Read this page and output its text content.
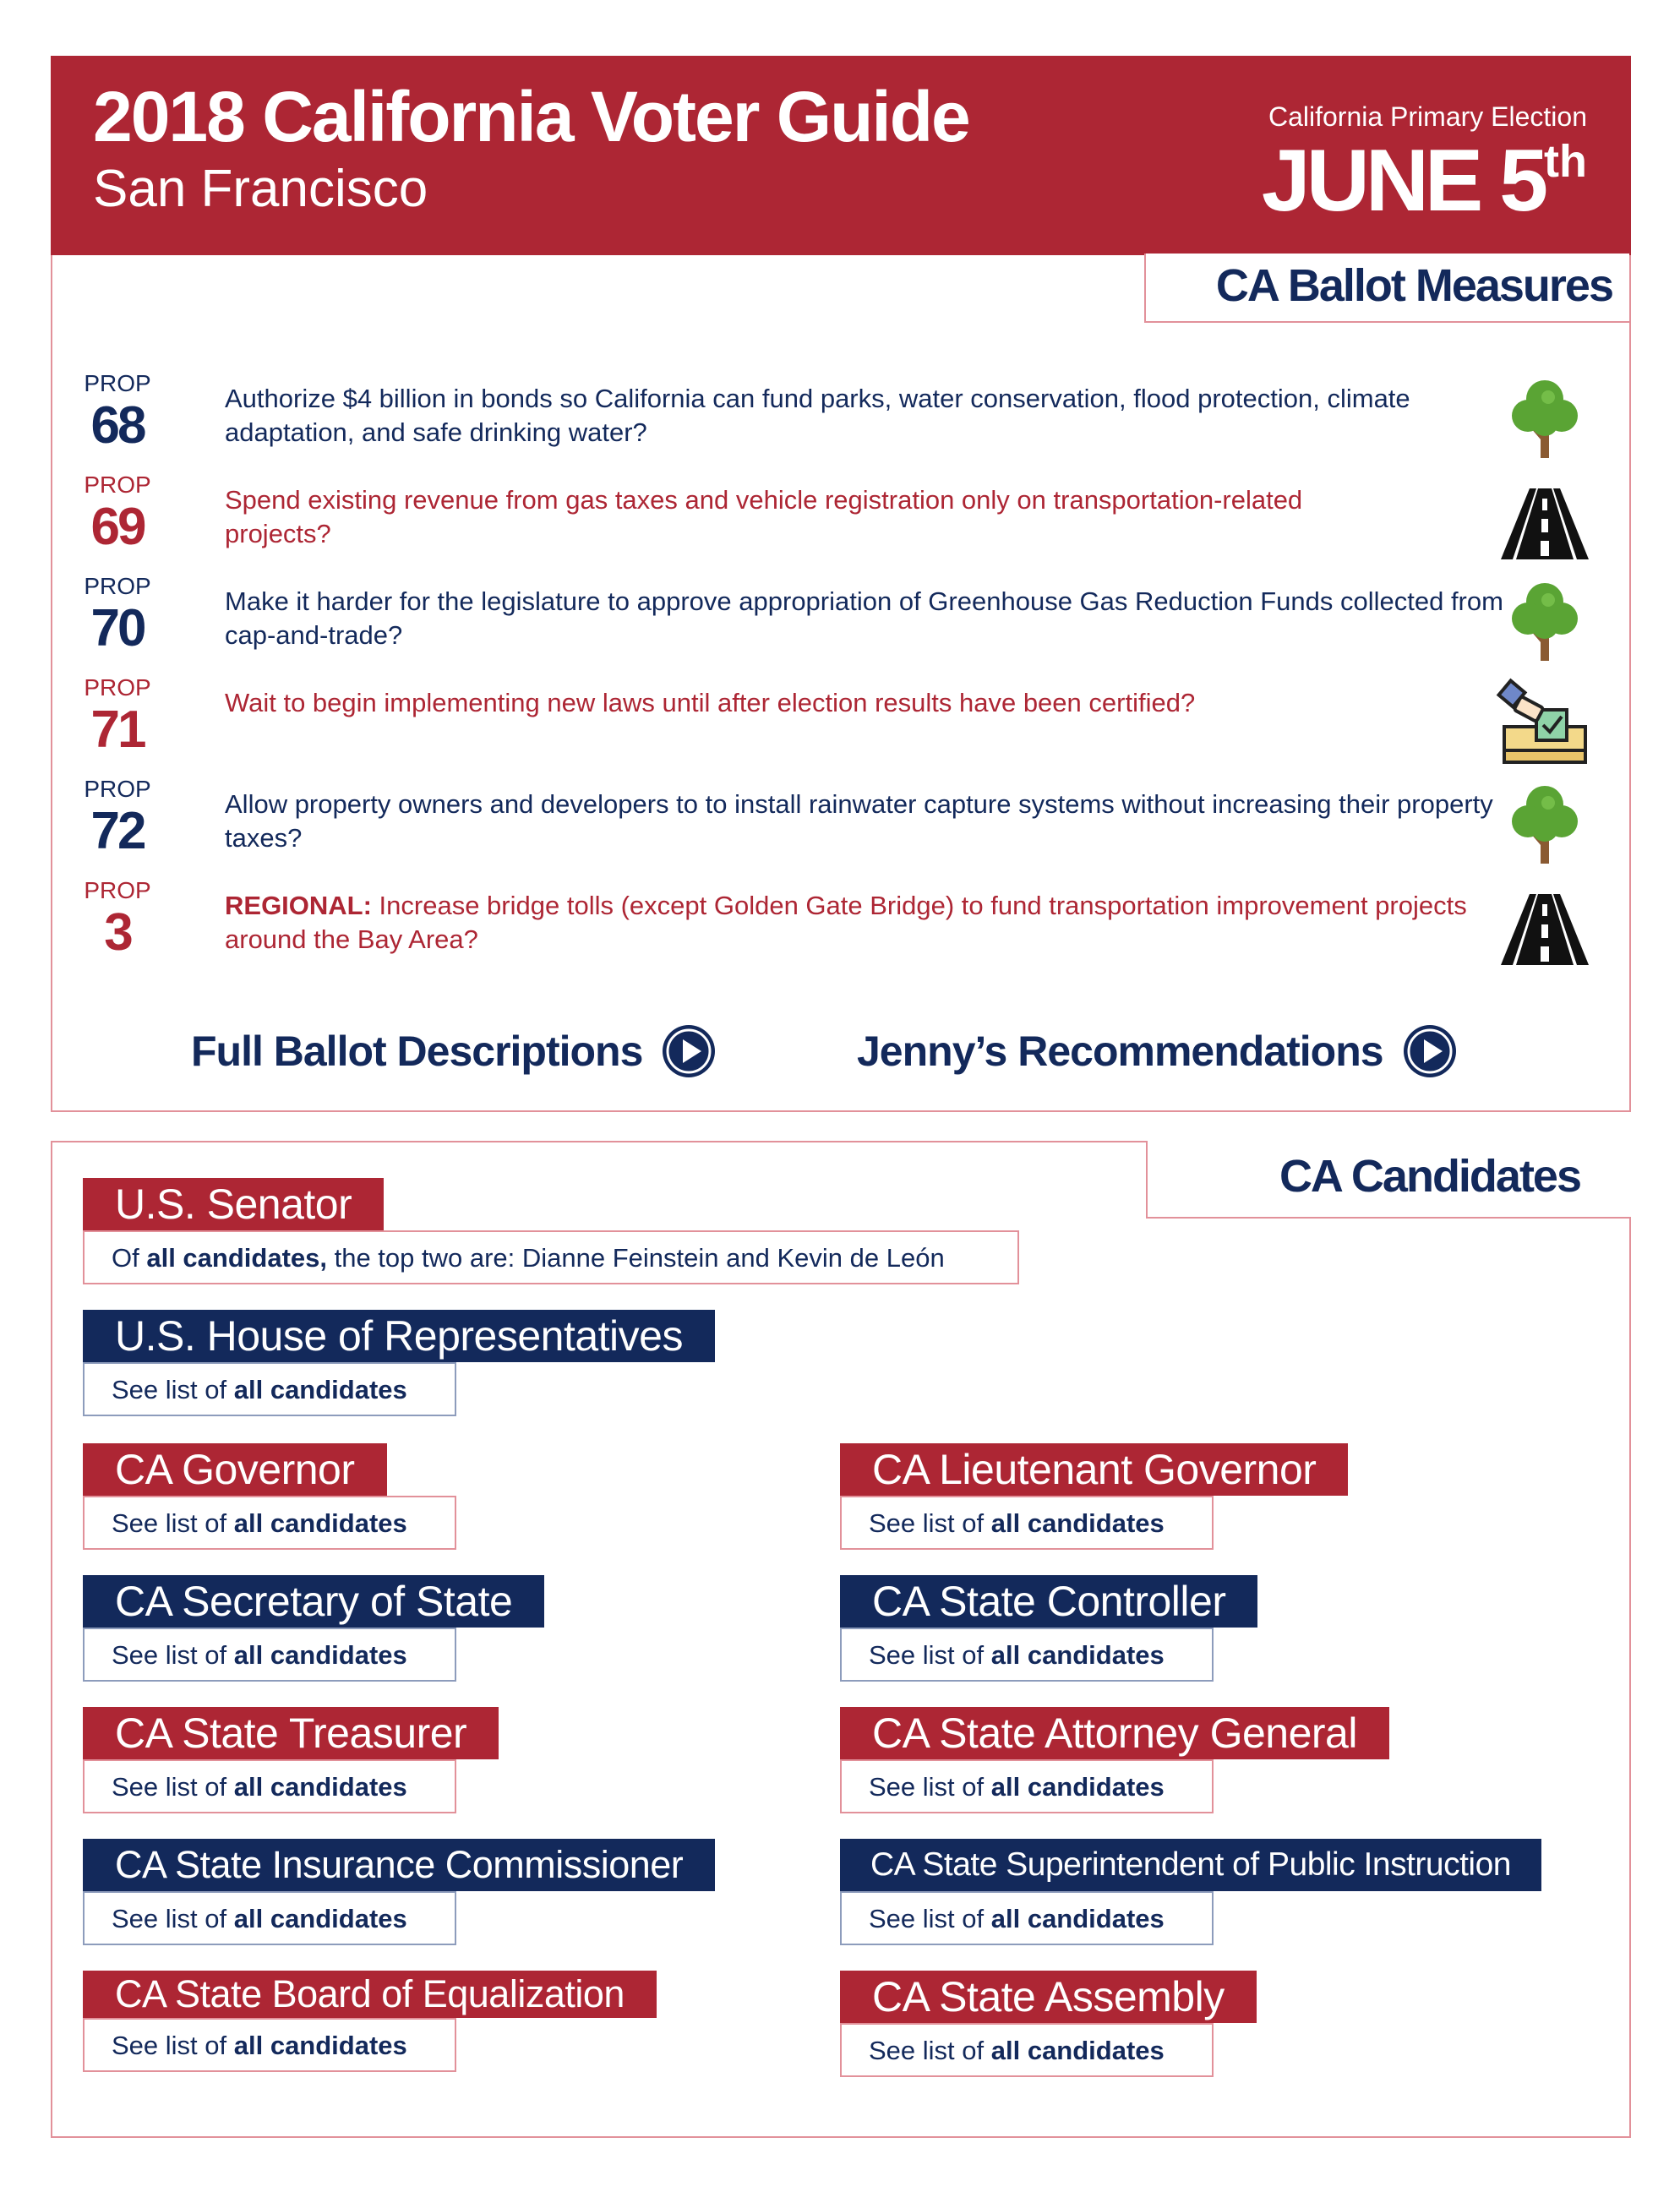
2018 California Voter Guide
San Francisco
California Primary Election
JUNE 5th
CA Ballot Measures
PROP
68	Authorize $4 billion in bonds so California can fund parks, water conservation, flood protection, climate adaptation, and safe drinking water?
PROP
69	Spend existing revenue from gas taxes and vehicle registration only on transportation-related projects?
PROP
70	Make it harder for the legislature to approve appropriation of Greenhouse Gas Reduction Funds collected from cap-and-trade?
PROP
71	Wait to begin implementing new laws until after election results have been certified?
PROP
72	Allow property owners and developers to to install rainwater capture systems without increasing their property taxes?
PROP
3	REGIONAL: Increase bridge tolls (except Golden Gate Bridge) to fund transportation improvement projects around the Bay Area?
Full Ballot Descriptions	Jenny’s Recommendations
CA Candidates
U.S. Senator
Of all candidates, the top two are: Dianne Feinstein and Kevin de León
U.S. House of Representatives
See list of all candidates
CA Governor
See list of all candidates
CA Lieutenant Governor
See list of all candidates
CA Secretary of State
See list of all candidates
CA State Controller
See list of all candidates
CA State Treasurer
See list of all candidates
CA State Attorney General
See list of all candidates
CA State Insurance Commissioner
See list of all candidates
CA State Superintendent of Public Instruction
See list of all candidates
CA State Board of Equalization
See list of all candidates
CA State Assembly
See list of all candidates
